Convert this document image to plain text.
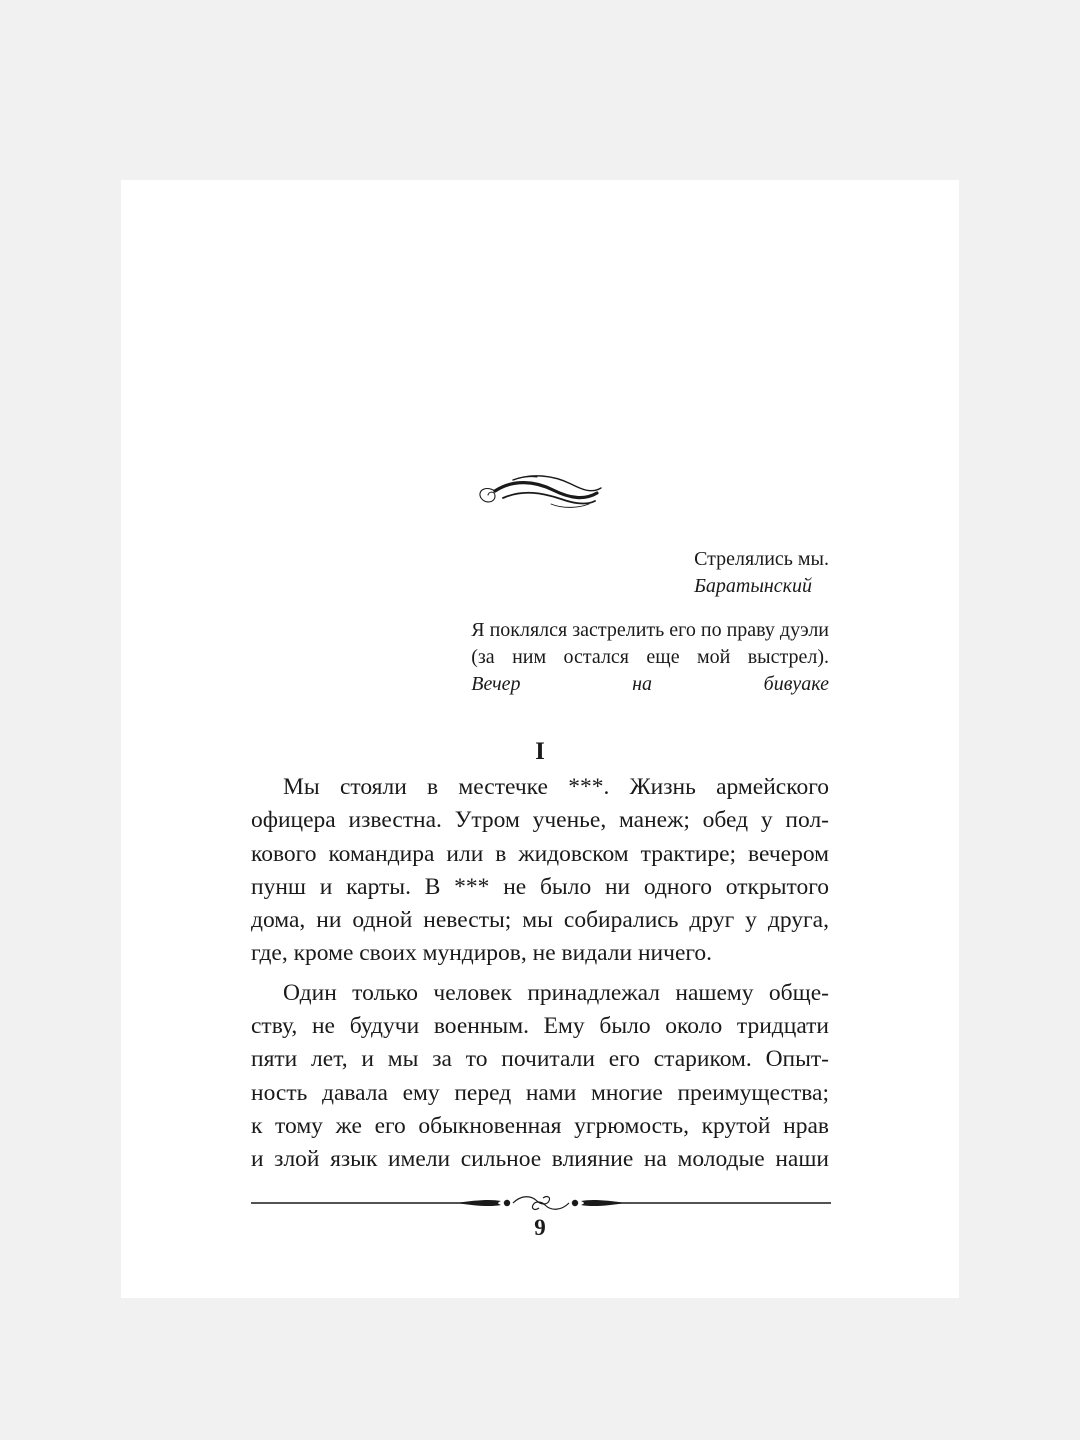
Стрелялись мы.
Баратынский
Я поклялся застрелить его по праву дуэли
(за ним остался еще мой выстрел).
Вечер на бивуаке
I

Мы стояли в местечке ***. Жизнь армейского
офицера известна. Утром ученье, манеж; обед у пол-
кового командира или в жидовском трактире; вечером
пунш и карты. В *** не было ни одного открытого
дома, ни одной невесты; мы собирались друг у друга,
где, кроме своих мундиров, не видали ничего.

Один только человек принадлежал нашему обще-
ству, не будучи военным. Ему было около тридцати
пяти лет, и мы за то почитали его стариком. Опыт-
ность давала ему перед нами многие преимущества;
к тому же его обыкновенная угрюмость, крутой нрав
и злой язык имели сильное влияние на молодые наши

9
